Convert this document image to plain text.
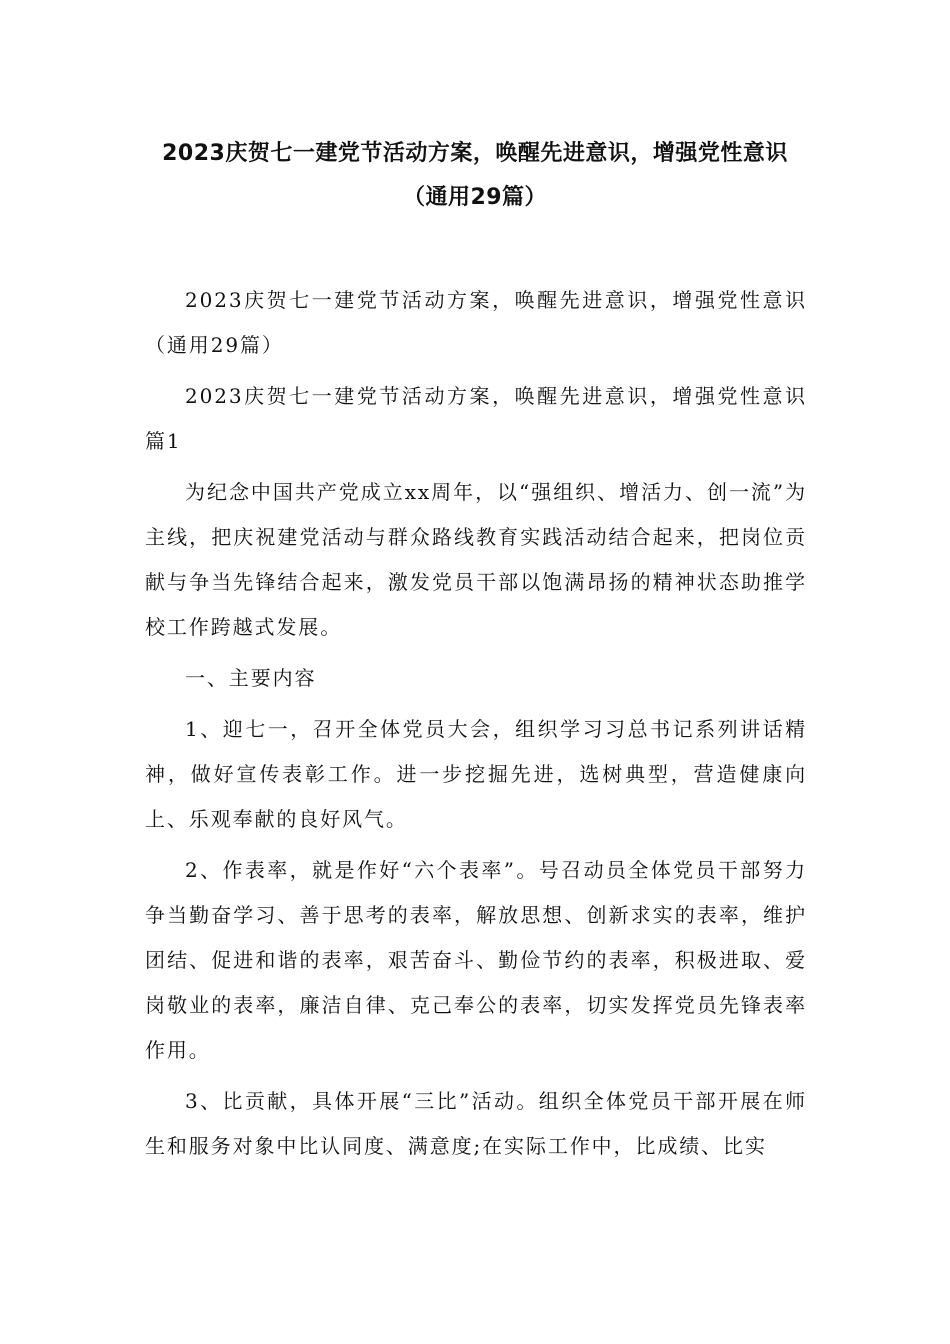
2023庆贺七一建党节活动方案，唤醒先进意识，增强党性意识（通用29篇）

2023庆贺七一建党节活动方案，唤醒先进意识，增强党性意识（通用29篇）

2023庆贺七一建党节活动方案，唤醒先进意识，增强党性意识篇1

为纪念中国共产党成立xx周年，以“强组织、增活力、创一流”为主线，把庆祝建党活动与群众路线教育实践活动结合起来，把岗位贡献与争当先锋结合起来，激发党员干部以饱满昂扬的精神状态助推学校工作跨越式发展。

一、主要内容

1、迎七一，召开全体党员大会，组织学习习总书记系列讲话精神，做好宣传表彰工作。进一步挖掘先进，选树典型，营造健康向上、乐观奉献的良好风气。

2、作表率，就是作好“六个表率”。号召动员全体党员干部努力争当勤奋学习、善于思考的表率，解放思想、创新求实的表率，维护团结、促进和谐的表率，艰苦奋斗、勤俭节约的表率，积极进取、爱岗敬业的表率，廉洁自律、克己奉公的表率，切实发挥党员先锋表率作用。

3、比贡献，具体开展“三比”活动。组织全体党员干部开展在师生和服务对象中比认同度、满意度;在实际工作中，比成绩、比实
